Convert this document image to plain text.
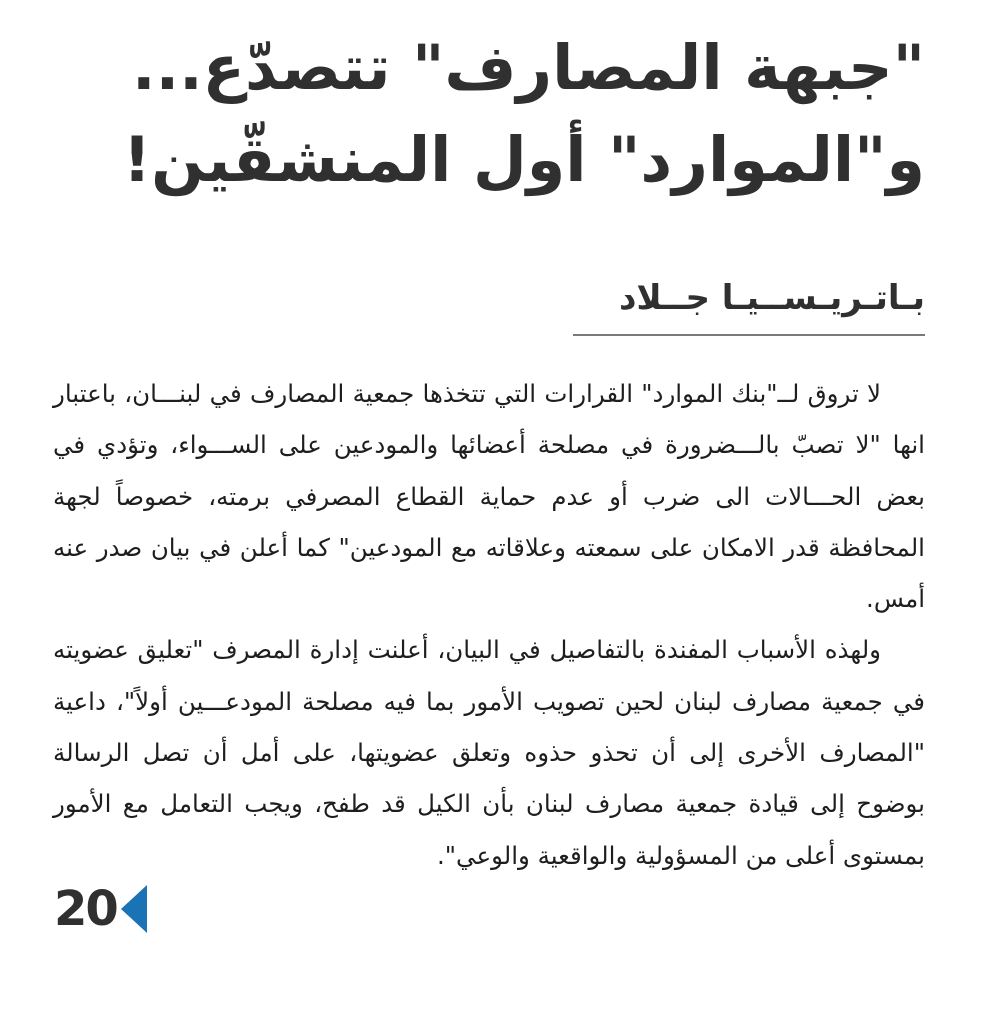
"جبهة المصارف" تتصدّع...
و"الموارد" أول المنشقّين!
بـاتـريـســيـا جــلاد

لا تروق لــ"بنك الموارد" القرارات التي تتخذها جمعية المصارف في لبنـــان، باعتبار انها "لا تصبّ بالـــضرورة في مصلحة أعضائها والمودعين على الســـواء، وتؤدي في بعض الحـــالات الى ضرب أو عدم حماية القطاع المصرفي برمته، خصوصاً لجهة المحافظة قدر الامكان على سمعته وعلاقاته مع المودعين" كما أعلن في بيان صدر عنه أمس.

ولهذه الأسباب المفندة بالتفاصيل في البيان، أعلنت إدارة المصرف "تعليق عضويته في جمعية مصارف لبنان لحين تصويب الأمور بما فيه مصلحة المودعـــين أولاً"، داعية "المصارف الأخرى إلى أن تحذو حذوه وتعلق عضويتها، على أمل أن تصل الرسالة بوضوح إلى قيادة جمعية مصارف لبنان بأن الكيل قد طفح، ويجب التعامل مع الأمور بمستوى أعلى من المسؤولية والواقعية والوعي".

20
